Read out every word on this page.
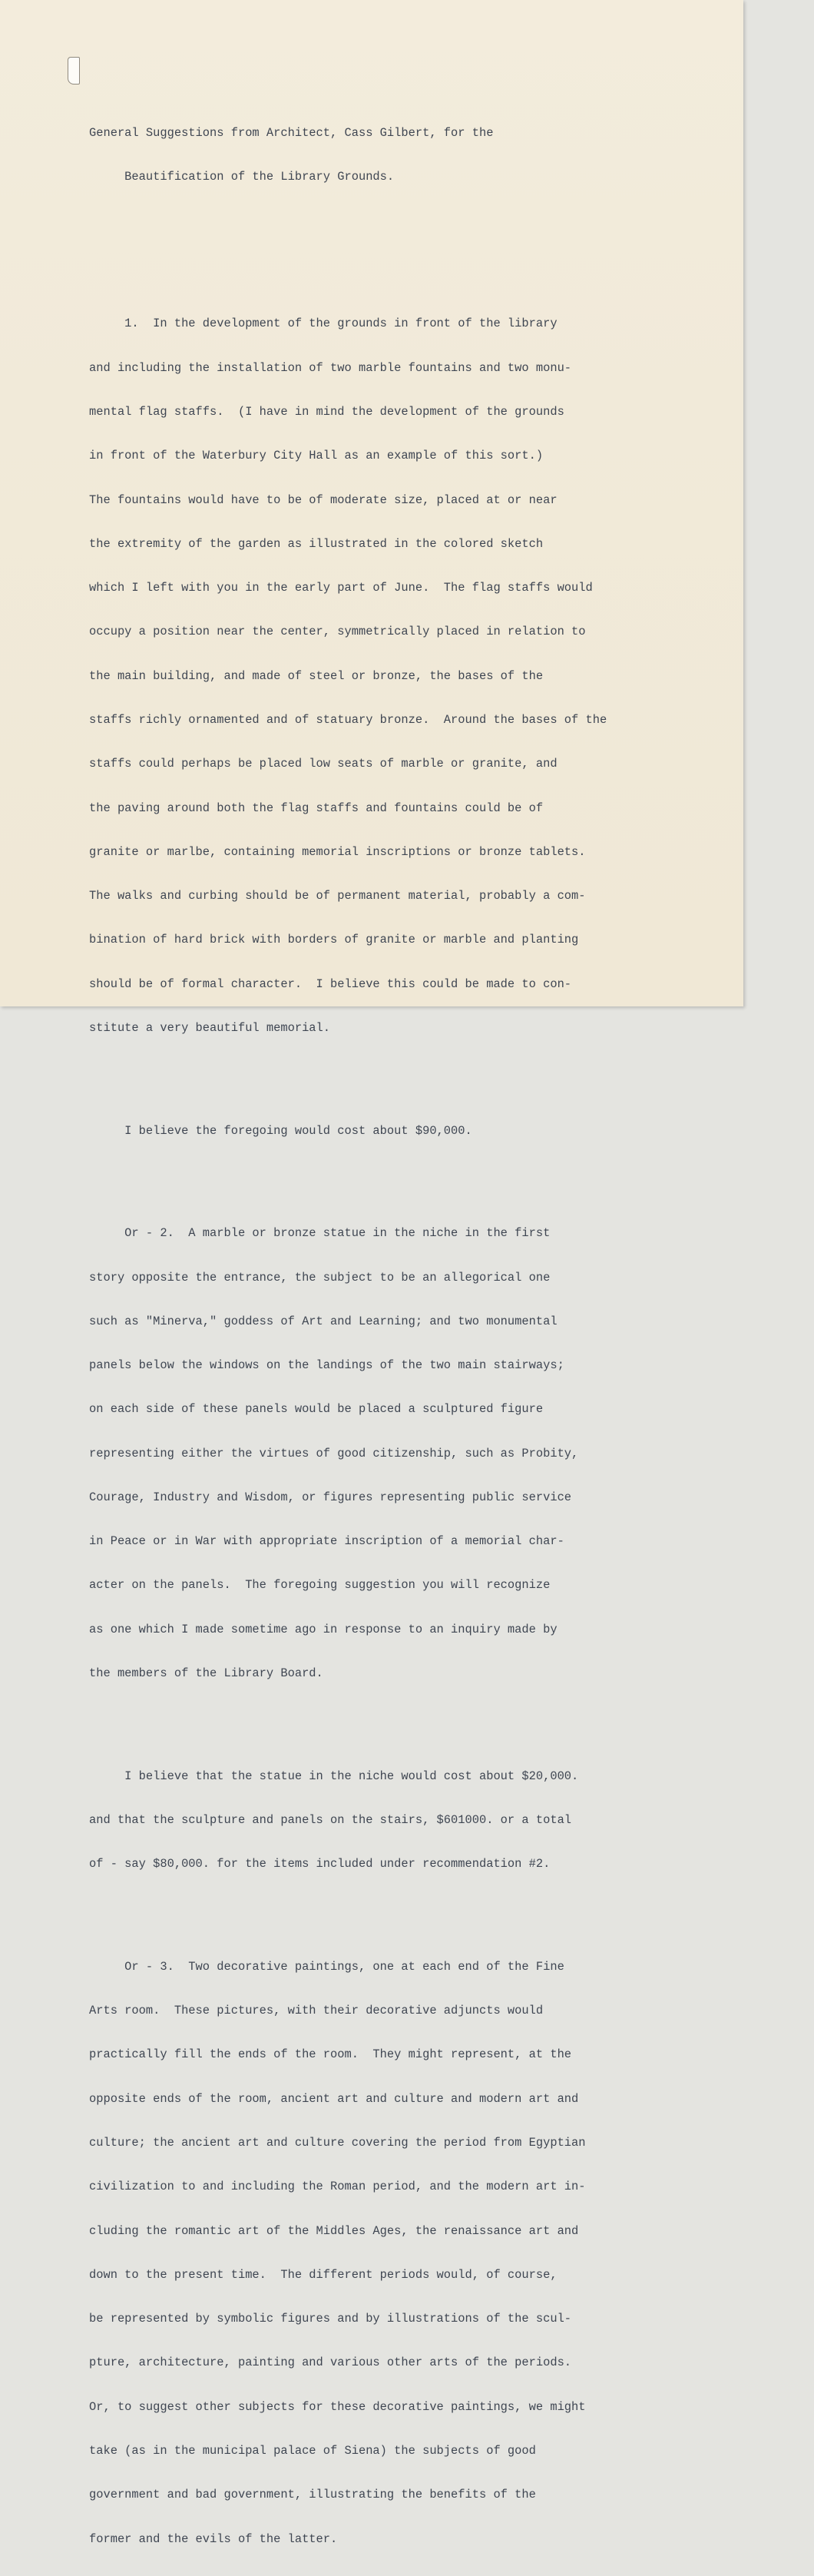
General Suggestions from Architect, Cass Gilbert, for the

Beautification of the Library Grounds.

1.  In the development of the grounds in front of the library

and including the installation of two marble fountains and two monu-

mental flag staffs.  (I have in mind the development of the grounds

in front of the Waterbury City Hall as an example of this sort.)

The fountains would have to be of moderate size, placed at or near

the extremity of the garden as illustrated in the colored sketch

which I left with you in the early part of June.  The flag staffs would

occupy a position near the center, symmetrically placed in relation to

the main building, and made of steel or bronze, the bases of the

staffs richly ornamented and of statuary bronze.  Around the bases of the

staffs could perhaps be placed low seats of marble or granite, and

the paving around both the flag staffs and fountains could be of

granite or marlbe, containing memorial inscriptions or bronze tablets.

The walks and curbing should be of permanent material, probably a com-

bination of hard brick with borders of granite or marble and planting

should be of formal character.  I believe this could be made to con-

stitute a very beautiful memorial.

I believe the foregoing would cost about $90,000.

Or - 2.  A marble or bronze statue in the niche in the first

story opposite the entrance, the subject to be an allegorical one

such as "Minerva," goddess of Art and Learning; and two monumental

panels below the windows on the landings of the two main stairways;

on each side of these panels would be placed a sculptured figure

representing either the virtues of good citizenship, such as Probity,

Courage, Industry and Wisdom, or figures representing public service

in Peace or in War with appropriate inscription of a memorial char-

acter on the panels.  The foregoing suggestion you will recognize

as one which I made sometime ago in response to an inquiry made by

the members of the Library Board.

I believe that the statue in the niche would cost about $20,000.

and that the sculpture and panels on the stairs, $601000. or a total

of - say $80,000. for the items included under recommendation #2.

Or - 3.  Two decorative paintings, one at each end of the Fine

Arts room.  These pictures, with their decorative adjuncts would

practically fill the ends of the room.  They might represent, at the

opposite ends of the room, ancient art and culture and modern art and

culture; the ancient art and culture covering the period from Egyptian

civilization to and including the Roman period, and the modern art in-

cluding the romantic art of the Middles Ages, the renaissance art and

down to the present time.  The different periods would, of course,

be represented by symbolic figures and by illustrations of the scul-

pture, architecture, painting and various other arts of the periods.

Or, to suggest other subjects for these decorative paintings, we might

take (as in the municipal palace of Siena) the subjects of good

government and bad government, illustrating the benefits of the

former and the evils of the latter.
